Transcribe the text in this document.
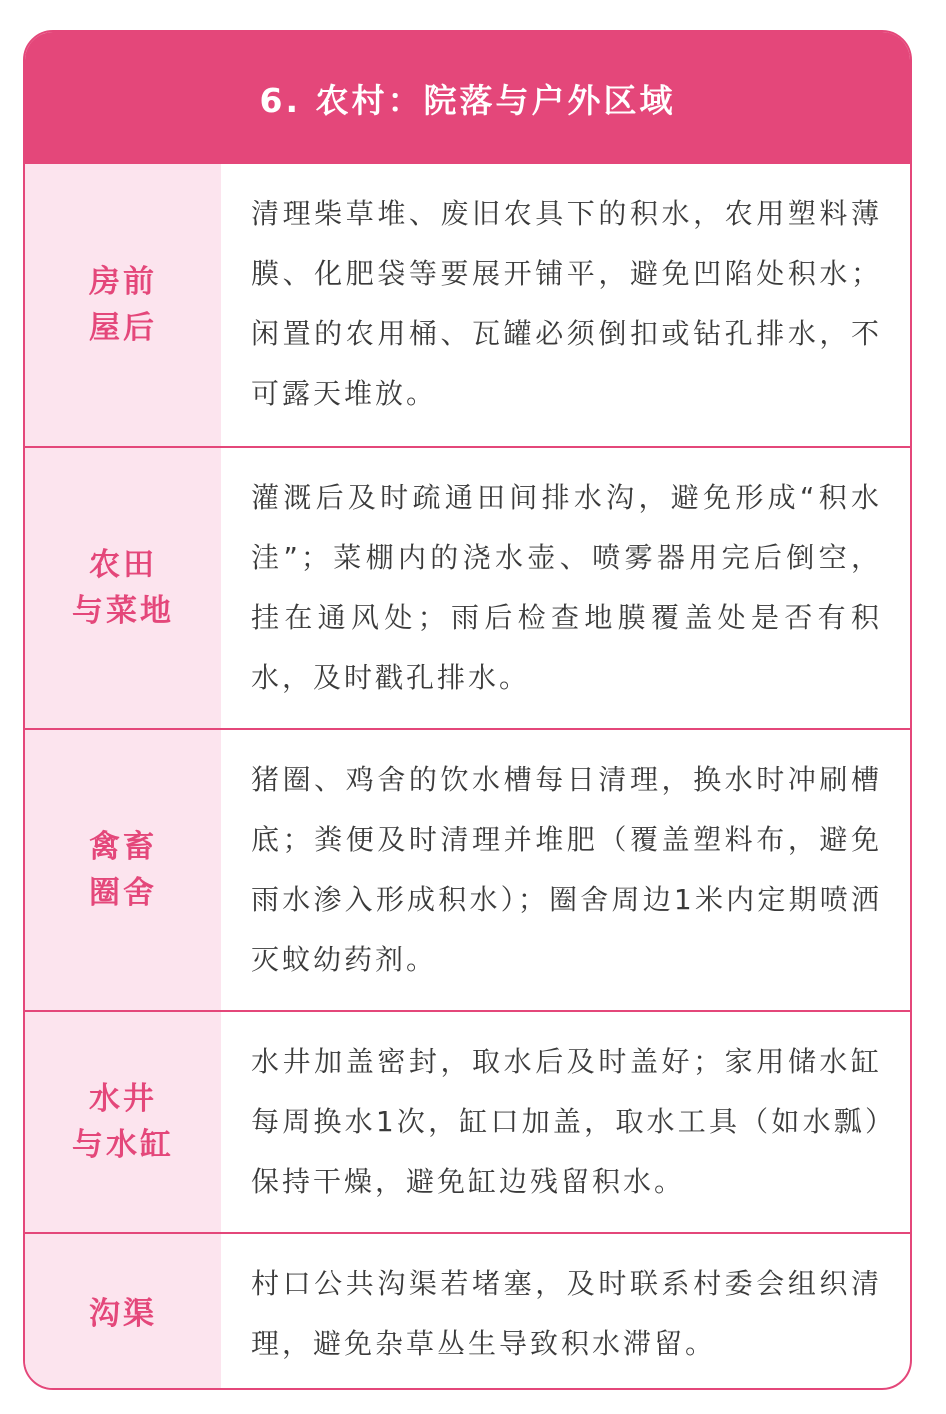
6. 农村：院落与户外区域
房前
屋后
清理柴草堆、废旧农具下的积水，农用塑料薄膜、化肥袋等要展开铺平，避免凹陷处积水；闲置的农用桶、瓦罐必须倒扣或钻孔排水，不可露天堆放。
农田
与菜地
灌溉后及时疏通田间排水沟，避免形成“积水洼”；菜棚内的浇水壶、喷雾器用完后倒空，挂在通风处；雨后检查地膜覆盖处是否有积水，及时戳孔排水。
禽畜
圈舍
猪圈、鸡舍的饮水槽每日清理，换水时冲刷槽底；粪便及时清理并堆肥（覆盖塑料布，避免雨水渗入形成积水）；圈舍周边1米内定期喷洒灭蚊幼药剂。
水井
与水缸
水井加盖密封，取水后及时盖好；家用储水缸每周换水1次，缸口加盖，取水工具（如水瓢）保持干燥，避免缸边残留积水。
沟渠
村口公共沟渠若堵塞，及时联系村委会组织清理，避免杂草丛生导致积水滞留。
